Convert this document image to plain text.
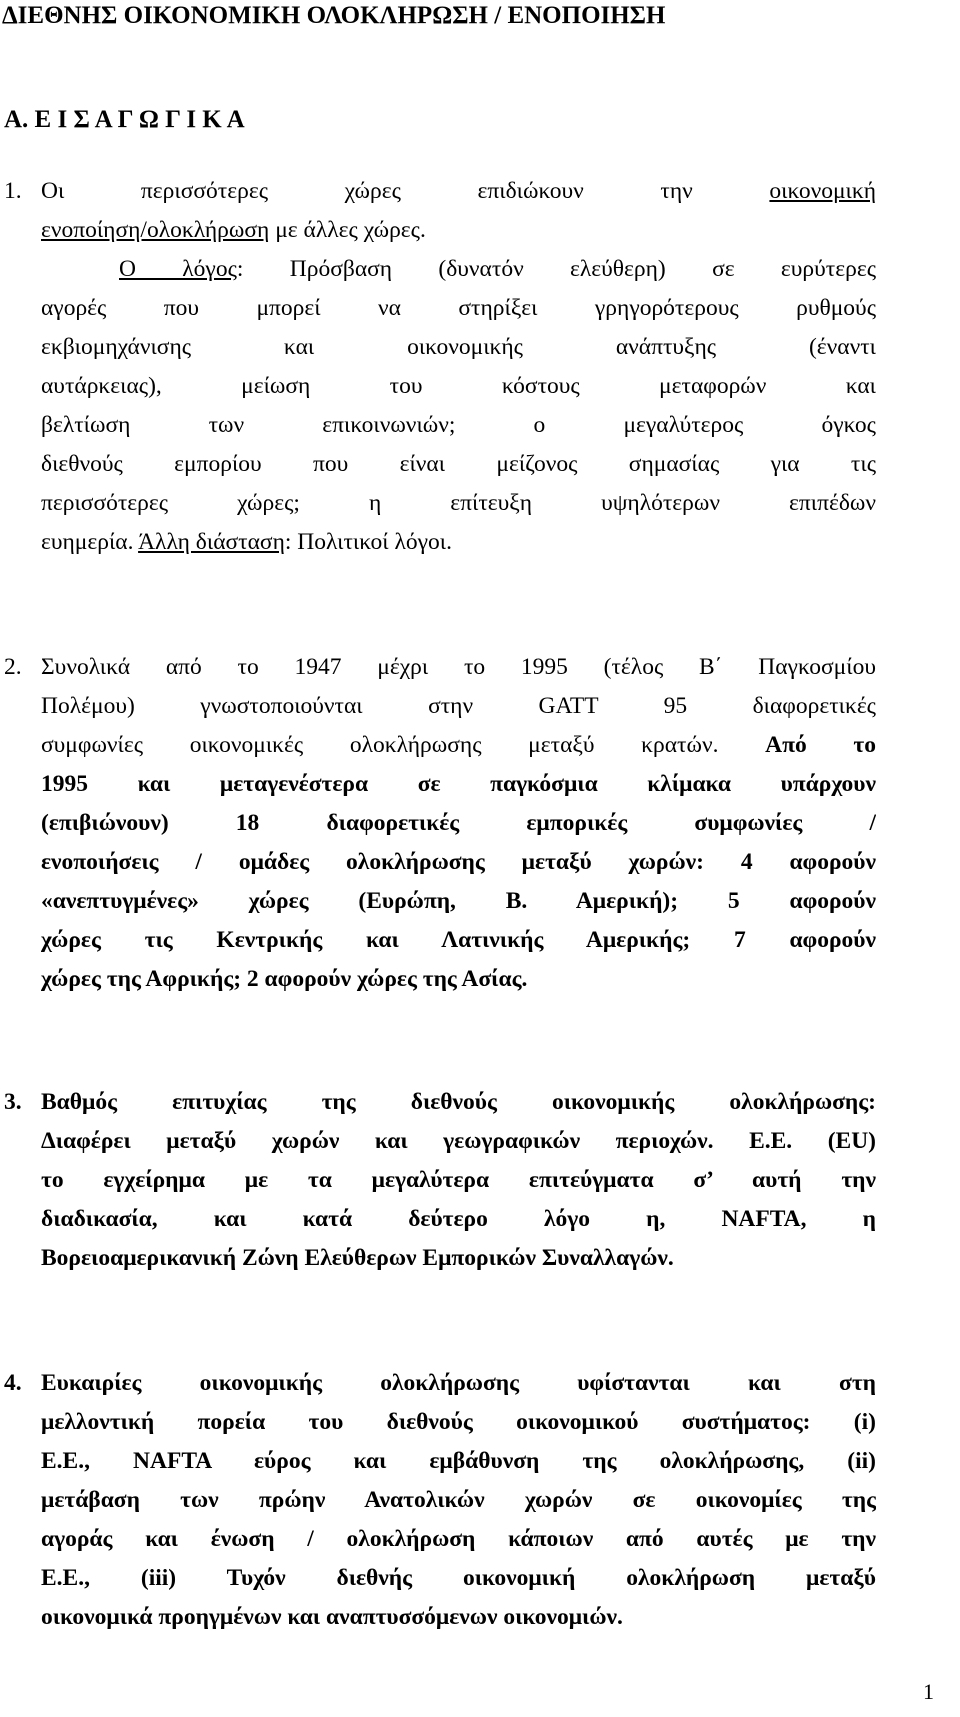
ΔΙΕΘΝΗΣ ΟΙΚΟΝΟΜΙΚΗ ΟΛΟΚΛΗΡΩΣΗ / ΕΝΟΠΟΙΗΣΗ
Α. Ε Ι Σ Α Γ Ω Γ Ι Κ Α
1. Οι περισσότερες χώρες επιδιώκουν την οικονομική
ενοποίηση/ολοκλήρωση με άλλες χώρες.
Ο λόγος: Πρόσβαση (δυνατόν ελεύθερη) σε ευρύτερες
αγορές που μπορεί να στηρίξει γρηγορότερους ρυθμούς
εκβιομηχάνισης και οικονομικής ανάπτυξης (έναντι
αυτάρκειας), μείωση του κόστους μεταφορών και
βελτίωση των επικοινωνιών; ο μεγαλύτερος όγκος
διεθνούς εμπορίου που είναι μείζονος σημασίας για τις
περισσότερες χώρες; η επίτευξη υψηλότερων επιπέδων
ευημερία. Άλλη διάσταση: Πολιτικοί λόγοι.
2. Συνολικά από το 1947 μέχρι το 1995 (τέλος Β΄ Παγκοσμίου
Πολέμου) γνωστοποιούνται στην GATT 95 διαφορετικές
συμφωνίες οικονομικές ολοκλήρωσης μεταξύ κρατών. Από το
1995 και μεταγενέστερα σε παγκόσμια κλίμακα υπάρχουν
(επιβιώνουν) 18 διαφορετικές εμπορικές συμφωνίες /
ενοποιήσεις / ομάδες ολοκλήρωσης μεταξύ χωρών: 4 αφορούν
«ανεπτυγμένες» χώρες (Ευρώπη, Β. Αμερική); 5 αφορούν
χώρες τις Κεντρικής και Λατινικής Αμερικής; 7 αφορούν
χώρες της Αφρικής; 2 αφορούν χώρες της Ασίας.
3. Βαθμός επιτυχίας της διεθνούς οικονομικής ολοκλήρωσης:
Διαφέρει μεταξύ χωρών και γεωγραφικών περιοχών. Ε.Ε. (EU)
το εγχείρημα με τα μεγαλύτερα επιτεύγματα σ’ αυτή την
διαδικασία, και κατά δεύτερο λόγο η, NAFTA, η
Βορειοαμερικανική Ζώνη Ελεύθερων Εμπορικών Συναλλαγών.
4. Ευκαιρίες οικονομικής ολοκλήρωσης υφίστανται και στη
μελλοντική πορεία του διεθνούς οικονομικού συστήματος: (i)
Ε.Ε., NAFTA εύρος και εμβάθυνση της ολοκλήρωσης, (ii)
μετάβαση των πρώην Ανατολικών χωρών σε οικονομίες της
αγοράς και ένωση / ολοκλήρωση κάποιων από αυτές με την
Ε.Ε., (iii) Τυχόν διεθνής οικονομική ολοκλήρωση μεταξύ
οικονομικά προηγμένων και αναπτυσσόμενων οικονομιών.
1
